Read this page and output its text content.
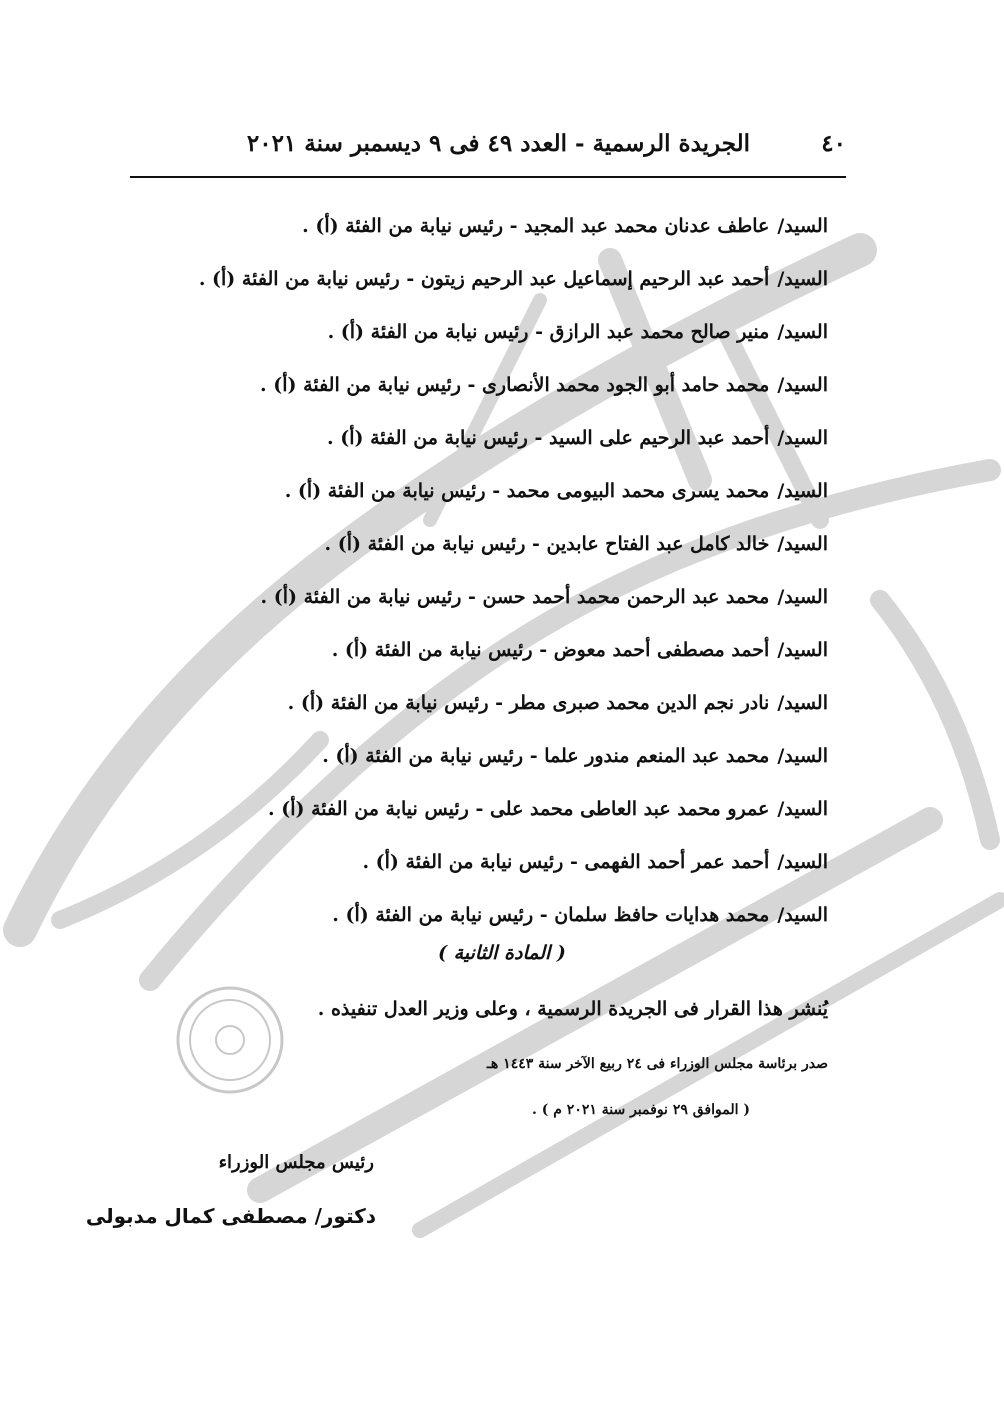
٤٠
الجريدة الرسمية - العدد ٤٩ فى ٩ ديسمبر سنة ٢٠٢١
السيد/عاطف عدنان محمد عبد المجيد - رئيس نيابة من الفئة (أ) .
السيد/أحمد عبد الرحيم إسماعيل عبد الرحيم زيتون - رئيس نيابة من الفئة (أ) .
السيد/منير صالح محمد عبد الرازق - رئيس نيابة من الفئة (أ) .
السيد/محمد حامد أبو الجود محمد الأنصارى - رئيس نيابة من الفئة (أ) .
السيد/أحمد عبد الرحيم على السيد - رئيس نيابة من الفئة (أ) .
السيد/محمد يسرى محمد البيومى محمد - رئيس نيابة من الفئة (أ) .
السيد/خالد كامل عبد الفتاح عابدين - رئيس نيابة من الفئة (أ) .
السيد/محمد عبد الرحمن محمد أحمد حسن - رئيس نيابة من الفئة (أ) .
السيد/أحمد مصطفى أحمد معوض - رئيس نيابة من الفئة (أ) .
السيد/نادر نجم الدين محمد صبرى مطر - رئيس نيابة من الفئة (أ) .
السيد/محمد عبد المنعم مندور علما - رئيس نيابة من الفئة (أ) .
السيد/عمرو محمد عبد العاطى محمد على - رئيس نيابة من الفئة (أ) .
السيد/أحمد عمر أحمد الفهمى - رئيس نيابة من الفئة (أ) .
السيد/محمد هدايات حافظ سلمان - رئيس نيابة من الفئة (أ) .
( المادة الثانية )
يُنشر هذا القرار فى الجريدة الرسمية ، وعلى وزير العدل تنفيذه .
صدر برئاسة مجلس الوزراء فى ٢٤ ربيع الآخر سنة ١٤٤٣ هـ
( الموافق ٢٩ نوفمبر سنة ٢٠٢١ م ) .
رئيس مجلس الوزراء
دكتور/ مصطفى كمال مدبولى
